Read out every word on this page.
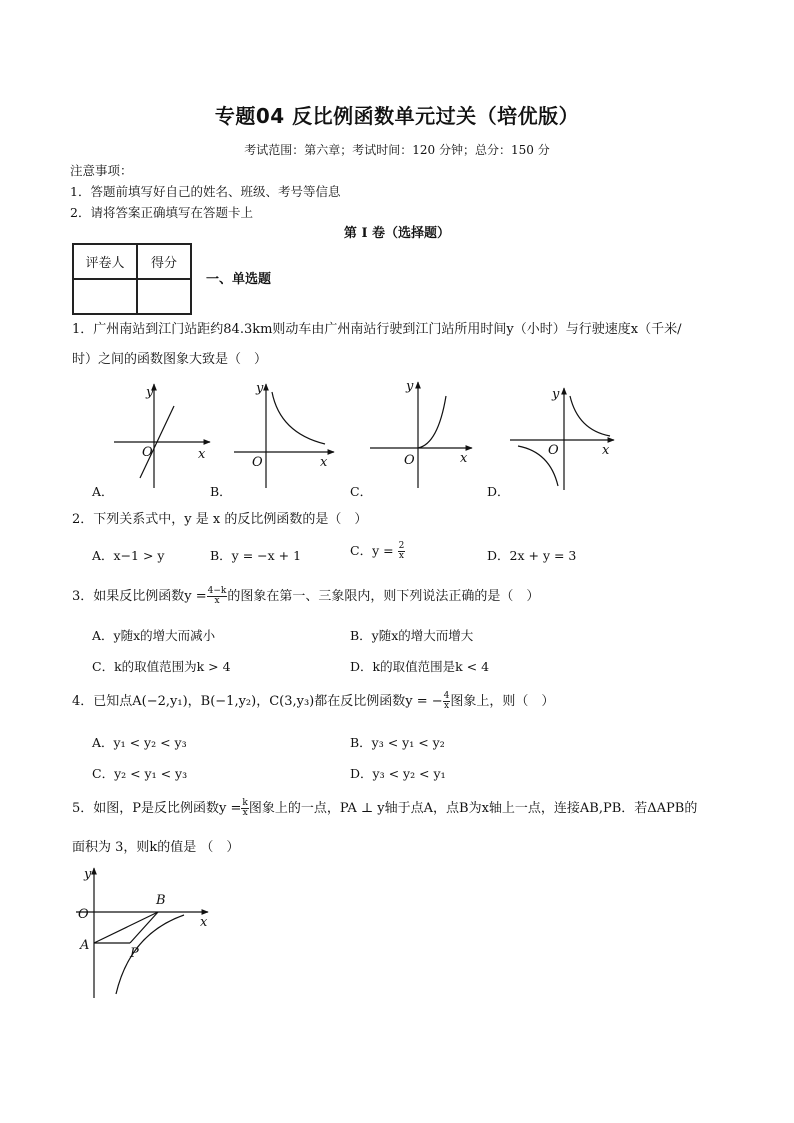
专题04 反比例函数单元过关（培优版）
考试范围：第六章；考试时间：120 分钟；总分：150 分
注意事项：
1．答题前填写好自己的姓名、班级、考号等信息
2．请将答案正确填写在答题卡上
第 I 卷（选择题）
评卷人	得分

一、单选题
1．广州南站到江门站距约84.3km则动车由广州南站行驶到江门站所用时间y（小时）与行驶速度x（千米/
时）之间的函数图象大致是（　）
y
x
O
y
x
O
y
x
O
y
x
O
A．	B．	C．	D．
2．下列关系式中，y 是 x 的反比例函数的是（　）
A．x−1 > y	B．y = −x + 1	C．$y = \frac{2}{x}$	D．2x + y = 3
3．如果反比例函数$y = \frac{4-k}{x}$ 的图象在第一、三象限内，则下列说法正确的是（　）
A．y随x的增大而减小	B．y随x的增大而增大
C．k的取值范围为k > 4	D．k的取值范围是k < 4
4．已知点A(−2,y₁)，B(−1,y₂)，C(3,y₃)都在反比例函数y = − $\frac{4}{x}$ 图象上，则（　）
A．y₁ < y₂ < y₃	B．y₃ < y₁ < y₂
C．y₂ < y₁ < y₃	D．y₃ < y₂ < y₁
5．如图，P是反比例函数$y = \frac{k}{x}$ 图象上的一点，PA ⊥ y轴于点A，点B为x轴上一点，连接AB,PB．若ΔAPB的
面积为 3，则k的值是 （　）
y
x
O
B
A
P
